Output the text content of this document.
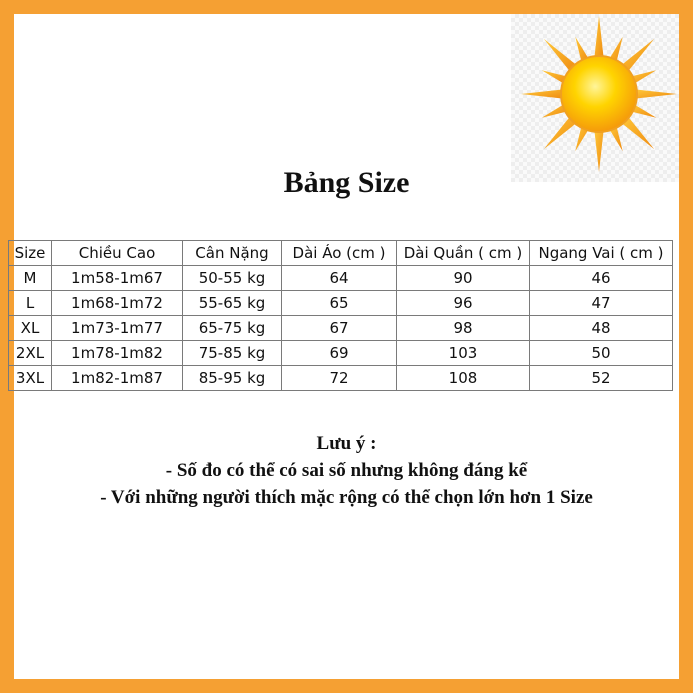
Bảng Size
Size	Chiều Cao	Cân Nặng	Dài Áo (cm )	Dài Quần ( cm )	Ngang Vai ( cm )
M	1m58-1m67	50-55 kg	64	90	46
L	1m68-1m72	55-65 kg	65	96	47
XL	1m73-1m77	65-75 kg	67	98	48
2XL	1m78-1m82	75-85 kg	69	103	50
3XL	1m82-1m87	85-95 kg	72	108	52
Lưu ý :
- Số đo có thể có sai số nhưng không đáng kể
- Với những người thích mặc rộng có thể chọn lớn hơn 1 Size
